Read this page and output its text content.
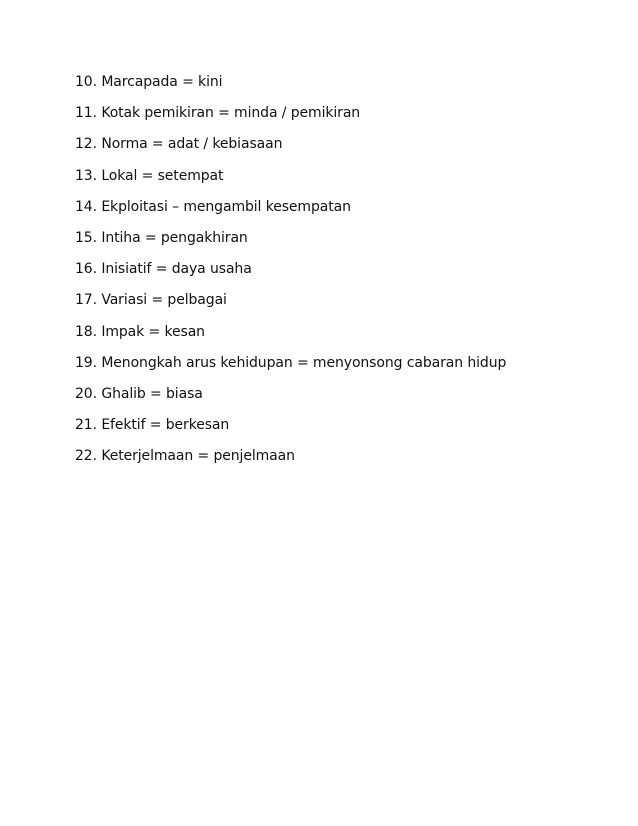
10. Marcapada = kini
11. Kotak pemikiran = minda / pemikiran
12. Norma = adat / kebiasaan
13. Lokal = setempat
14. Ekploitasi – mengambil kesempatan
15. Intiha = pengakhiran
16. Inisiatif = daya usaha
17. Variasi = pelbagai
18. Impak = kesan
19. Menongkah arus kehidupan = menyonsong cabaran hidup
20. Ghalib = biasa
21. Efektif = berkesan
22. Keterjelmaan = penjelmaan
